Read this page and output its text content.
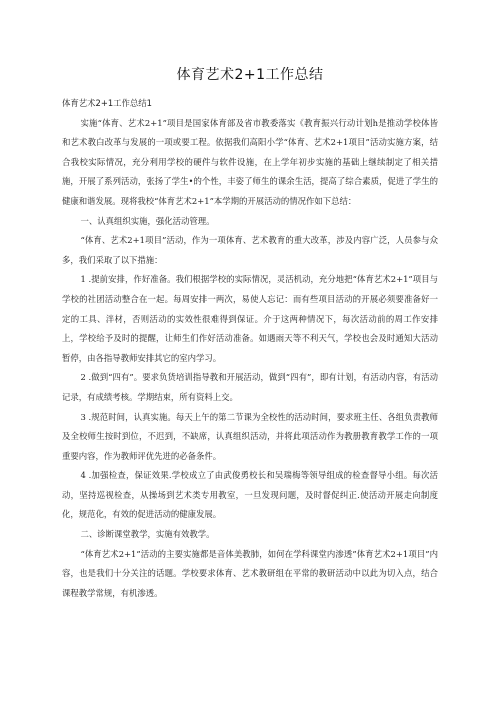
体育艺术2+1工作总结

体育艺术2+1工作总结1

实施“体育、艺术2+1”项目是国家体育部及省市教委落实《教育振兴行动计划h是推动学校体皆和艺术教白改革与发展的一项或要工程。依据我们高阳小学“体育、艺术2+1项目”活动实施方案，结合我校实际情况，充分利用学校的硬件与软件设施，在上学年初步实施的基础上继续制定了相关措施，开展了系列活动，张扬了学生•的个性，丰姿了师生的课余生活，提高了综合素质，促进了学生的健康和谐发展。现将我校“体育艺术2+1”本学期的开展活动的情况作如下总结：

一、认真组织实施，强化活动管理。

“体育、艺术2+1项目”活动，作为一项体育、艺术教育的重大改革，涉及内容广泛，人员参与众多，我们采取了以下措施：

1 .提前安排，作好准备。我们根据学校的实际情况，灵活机动，充分地把“体育艺术2+1”项目与学校的社团活动整合在一起。每周安排一两次，易使人忘记：而有些项目活动的开展必须要准备好一定的工具、泮材，否则活动的实效性很难得到保证。介于这两种情况下，每次活动前的周工作安排上，学校给予及时的提醒，让师生们作好活动准备。如遇雨天等不利天气，学校也会及时通知大活动暂停，由各指导教师安排其它的室内学习。

2 .做到“四有”。要求负货培训指导教和开展活动，做到“四有”，即有计划，有活动内容，有活动记录，有成绩考核。学期结束，所有资料上交。

3 .规范时间，认真实施。每天上午的第二节课为全校性的活动时间，要求班主任、各组负责教师及全校师生按时到位，不迟到，不缺席，认真组织活动，并将此项活动作为教册教育教学工作的一项重要内容，作为教师评优先进的必备条件。

4 .加强检查，保证效果.学校成立了由武俊勇校长和吴瑞梅等领导组成的检查督导小组。每次活动，坚持巡视检查，从操场到艺术类专用教室，一旦发现问题，及时督促纠正.使活动开展走向制度化，规范化，有效的促进活动的健康发展。

二、诊断课堂教学，实施有效教学。

“体育艺术2+1”活动的主要实施都是音体美教肺，如何在学科课堂内渗透”体育艺术2+1项目”内容，也是我们十分关注的话题。学校要求体育、艺术教研组在平常的教研活动中以此为切入点，结合课程教学常规，有机渗透。
